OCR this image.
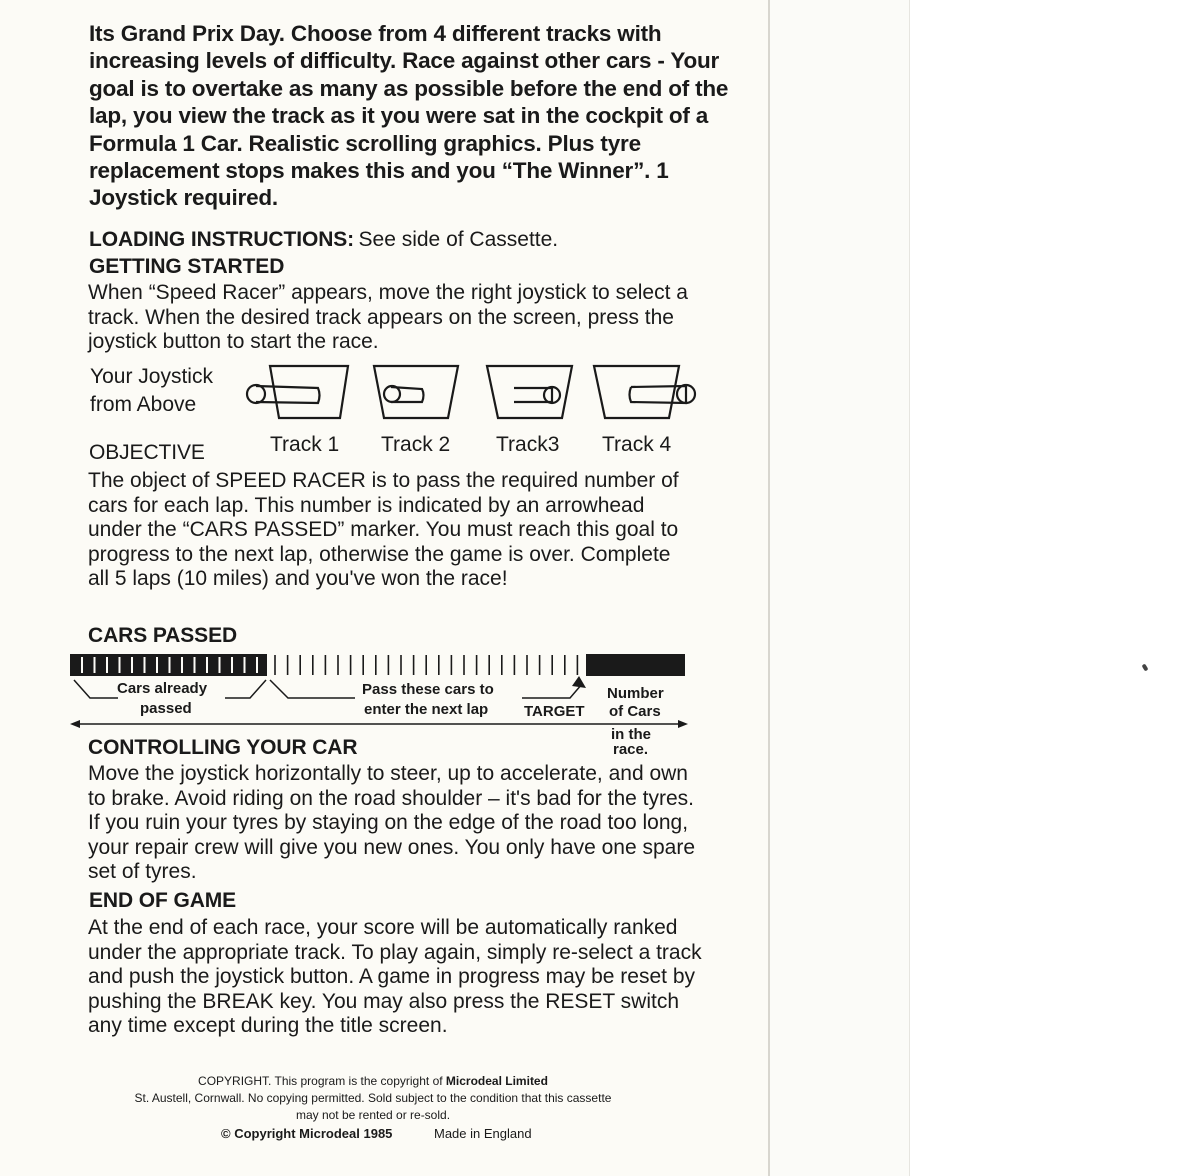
Its Grand Prix Day. Choose from 4 different tracks with increasing levels of difficulty. Race against other cars - Your goal is to overtake as many as possible before the end of the lap, you view the track as it you were sat in the cockpit of a Formula 1 Car. Realistic scrolling graphics. Plus tyre replacement stops makes this and you “The Winner”. 1 Joystick required.

LOADING INSTRUCTIONS: See side of Cassette.
GETTING STARTED

When “Speed Racer” appears, move the right joystick to select a track. When the desired track appears on the screen, press the joystick button to start the race.

Your Joystick
from Above
OBJECTIVE	Track 1 Track 2 Track3 Track 4

The object of SPEED RACER is to pass the required number of cars for each lap. This number is indicated by an arrowhead under the “CARS PASSED” marker. You must reach this goal to progress to the next lap, otherwise the game is over. Complete all 5 laps (10 miles) and you've won the race!

CARS PASSED
Cars already
passed
Pass these cars to
enter the next lap TARGET
Number
of Cars
in the
race.
CONTROLLING YOUR CAR

Move the joystick horizontally to steer, up to accelerate, and own to brake. Avoid riding on the road shoulder – it's bad for the tyres. If you ruin your tyres by staying on the edge of the road too long, your repair crew will give you new ones. You only have one spare set of tyres.

END OF GAME

At the end of each race, your score will be automatically ranked under the appropriate track. To play again, simply re-select a track and push the joystick button. A game in progress may be reset by pushing the BREAK key. You may also press the RESET switch any time except during the title screen.

COPYRIGHT. This program is the copyright of Microdeal Limited
St. Austell, Cornwall. No copying permitted. Sold subject to the condition that this cassette
may not be rented or re-sold.
© Copyright Microdeal 1985	Made in England
